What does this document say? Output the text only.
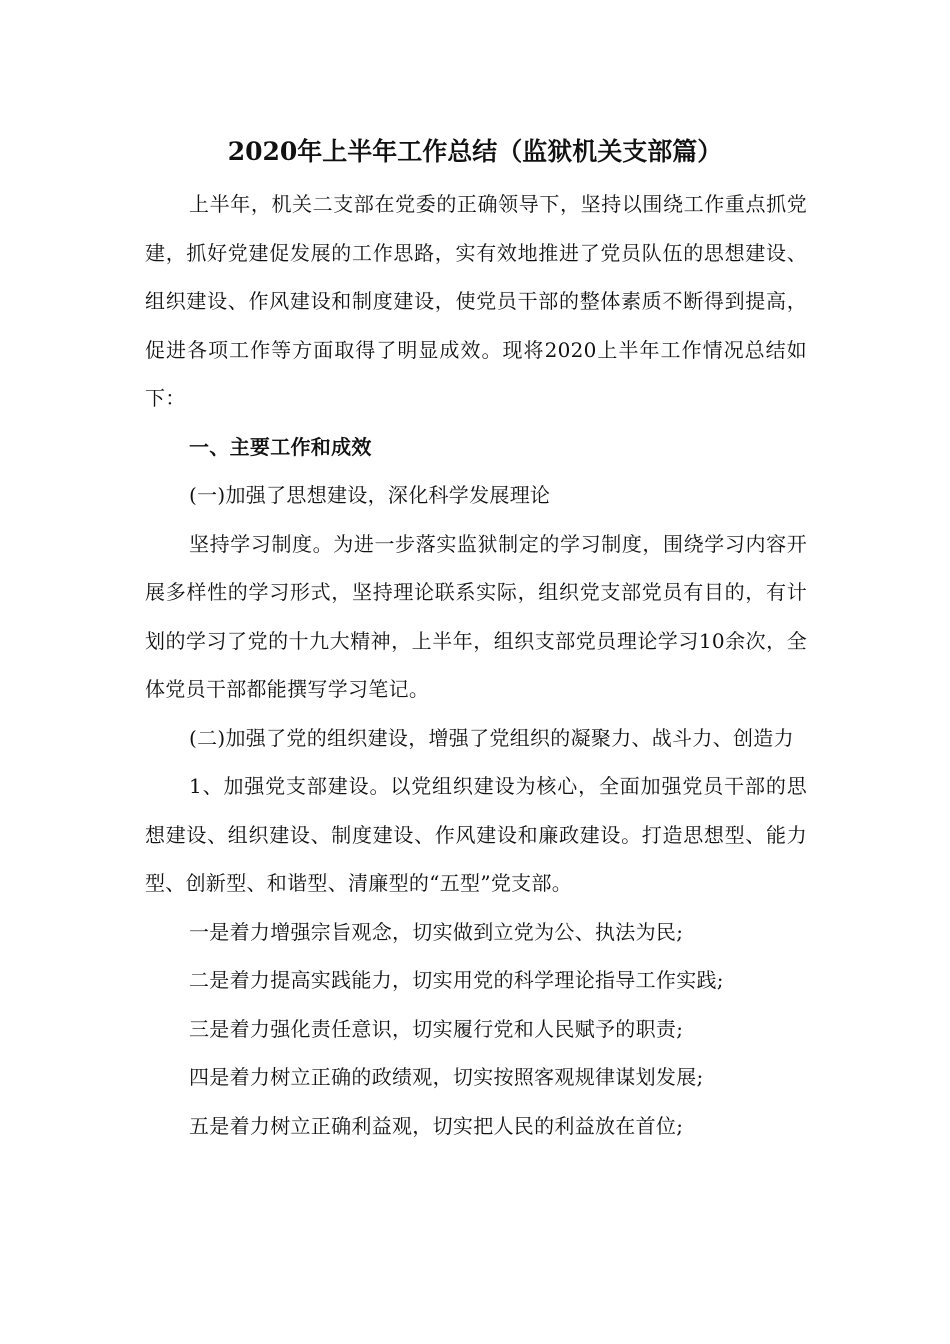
2020年上半年工作总结（监狱机关支部篇）

上半年，机关二支部在党委的正确领导下，坚持以围绕工作重点抓党建，抓好党建促发展的工作思路，实有效地推进了党员队伍的思想建设、组织建设、作风建设和制度建设，使党员干部的整体素质不断得到提高，促进各项工作等方面取得了明显成效。现将2020上半年工作情况总结如下：

一、主要工作和成效

(一)加强了思想建设，深化科学发展理论

坚持学习制度。为进一步落实监狱制定的学习制度，围绕学习内容开展多样性的学习形式，坚持理论联系实际，组织党支部党员有目的，有计划的学习了党的十九大精神，上半年，组织支部党员理论学习10余次，全体党员干部都能撰写学习笔记。

(二)加强了党的组织建设，增强了党组织的凝聚力、战斗力、创造力

1、加强党支部建设。以党组织建设为核心，全面加强党员干部的思想建设、组织建设、制度建设、作风建设和廉政建设。打造思想型、能力型、创新型、和谐型、清廉型的“五型”党支部。

一是着力增强宗旨观念，切实做到立党为公、执法为民;

二是着力提高实践能力，切实用党的科学理论指导工作实践;

三是着力强化责任意识，切实履行党和人民赋予的职责;

四是着力树立正确的政绩观，切实按照客观规律谋划发展;

五是着力树立正确利益观，切实把人民的利益放在首位;
